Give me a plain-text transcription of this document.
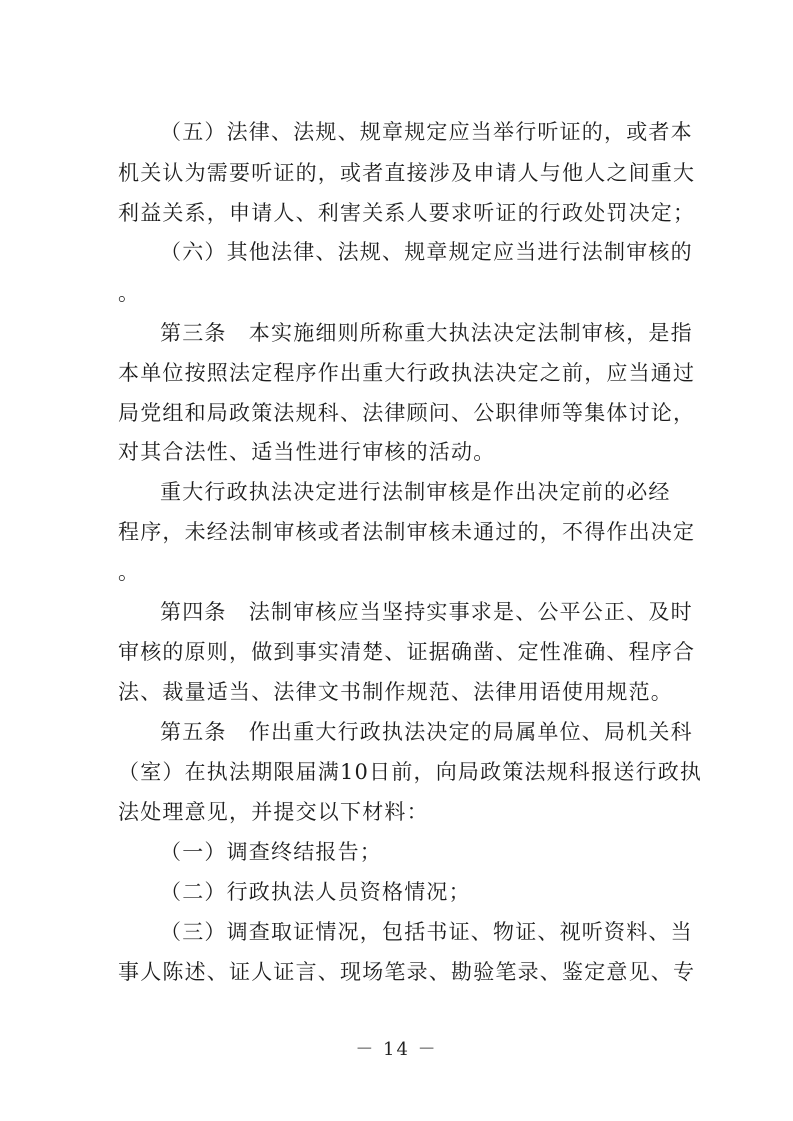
（五）法律、法规、规章规定应当举行听证的，或者本
机关认为需要听证的，或者直接涉及申请人与他人之间重大
利益关系，申请人、利害关系人要求听证的行政处罚决定；
（六）其他法律、法规、规章规定应当进行法制审核的
。
第三条　本实施细则所称重大执法决定法制审核，是指
本单位按照法定程序作出重大行政执法决定之前，应当通过
局党组和局政策法规科、法律顾问、公职律师等集体讨论，
对其合法性、适当性进行审核的活动。
重大行政执法决定进行法制审核是作出决定前的必经
程序，未经法制审核或者法制审核未通过的，不得作出决定
。
第四条　法制审核应当坚持实事求是、公平公正、及时
审核的原则，做到事实清楚、证据确凿、定性准确、程序合
法、裁量适当、法律文书制作规范、法律用语使用规范。
第五条　作出重大行政执法决定的局属单位、局机关科
（室）在执法期限届满10日前，向局政策法规科报送行政执
法处理意见，并提交以下材料：
（一）调查终结报告；
（二）行政执法人员资格情况；
（三）调查取证情况，包括书证、物证、视听资料、当
事人陈述、证人证言、现场笔录、勘验笔录、鉴定意见、专
－ 14 －
